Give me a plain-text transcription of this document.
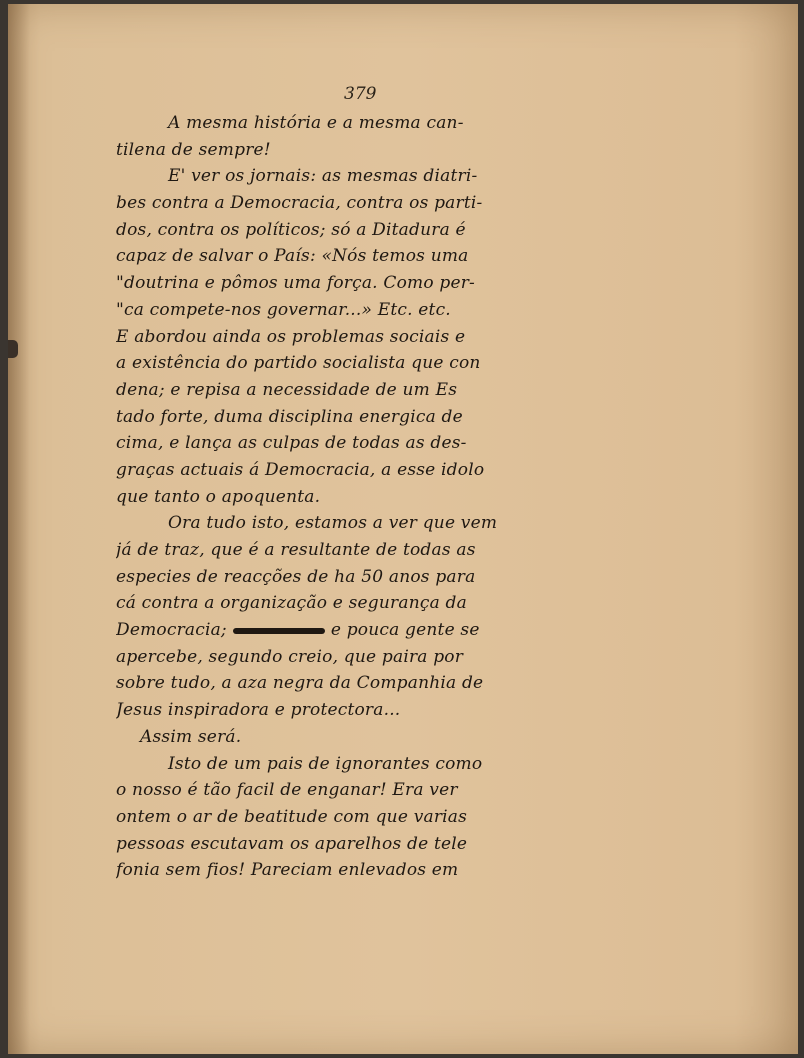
379
A mesma história e a mesma can-
tilena de sempre!
E' ver os jornais: as mesmas diatri-
bes contra a Democracia, contra os parti-
dos, contra os políticos; só a Ditadura é
capaz de salvar o País: «Nós temos uma
"doutrina e pômos uma força. Como per-
"ca compete-nos governar...» Etc. etc.
E abordou ainda os problemas sociais e
a existência do partido socialista que con
dena; e repisa a necessidade de um Es
tado forte, duma disciplina energica de
cima, e lança as culpas de todas as des-
graças actuais á Democracia, a esse idolo
que tanto o apoquenta.
Ora tudo isto, estamos a ver que vem
já de traz, que é a resultante de todas as
especies de reacções de ha 50 anos para
cá contra a organização e segurança da
Democracia;	e pouca gente se
apercebe, segundo creio, que paira por
sobre tudo, a aza negra da Companhia de
Jesus inspiradora e protectora...
Assim será.
Isto de um pais de ignorantes como
o nosso é tão facil de enganar! Era ver
ontem o ar de beatitude com que varias
pessoas escutavam os aparelhos de tele
fonia sem fios! Pareciam enlevados em
